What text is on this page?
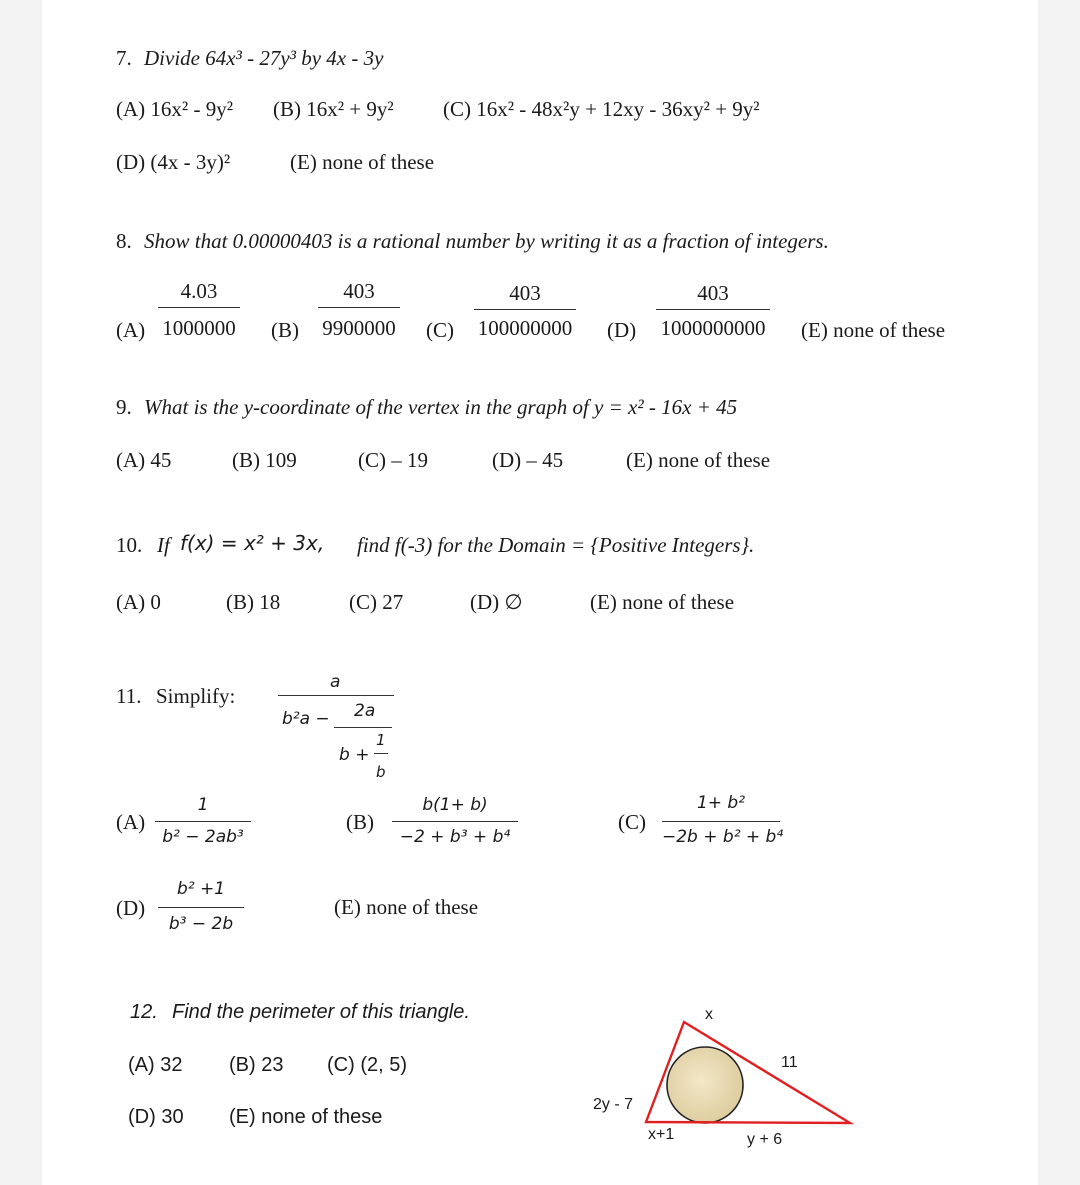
7. Divide 64x³ - 27y³ by 4x - 3y
(A) 16x² - 9y² (B) 16x² + 9y² (C) 16x² - 48x²y + 12xy - 36xy² + 9y²
(D) (4x - 3y)²	(E) none of these
8. Show that 0.00000403 is a rational number by writing it as a fraction of integers.
(A)
4.03
1000000 (B)
403
9900000 (C)
403
100000000 (D)
403
1000000000 (E) none of these
9. What is the y-coordinate of the vertex in the graph of y = x² - 16x + 45
(A) 45	(B) 109	(C) – 19	(D) – 45	(E) none of these
10. If f(x) = x² + 3x, find f(-3) for the Domain = {Positive Integers}.
(A) 0	(B) 18	(C) 27	(D) ∅	(E) none of these
11. Simplify:
a
b²a − 2a
b +
1
b
(A)
1
b² − 2ab³
(B)
b(1+ b)
−2 + b³ + b⁴
(C)
1+ b²
−2b + b² + b⁴
(D)
b² +1
b³ − 2b
(E) none of these
12. Find the perimeter of this triangle.
(A) 32 (B) 23 (C) (2, 5)
(D) 30 (E) none of these
x
11
2y - 7
x+1	y + 6
